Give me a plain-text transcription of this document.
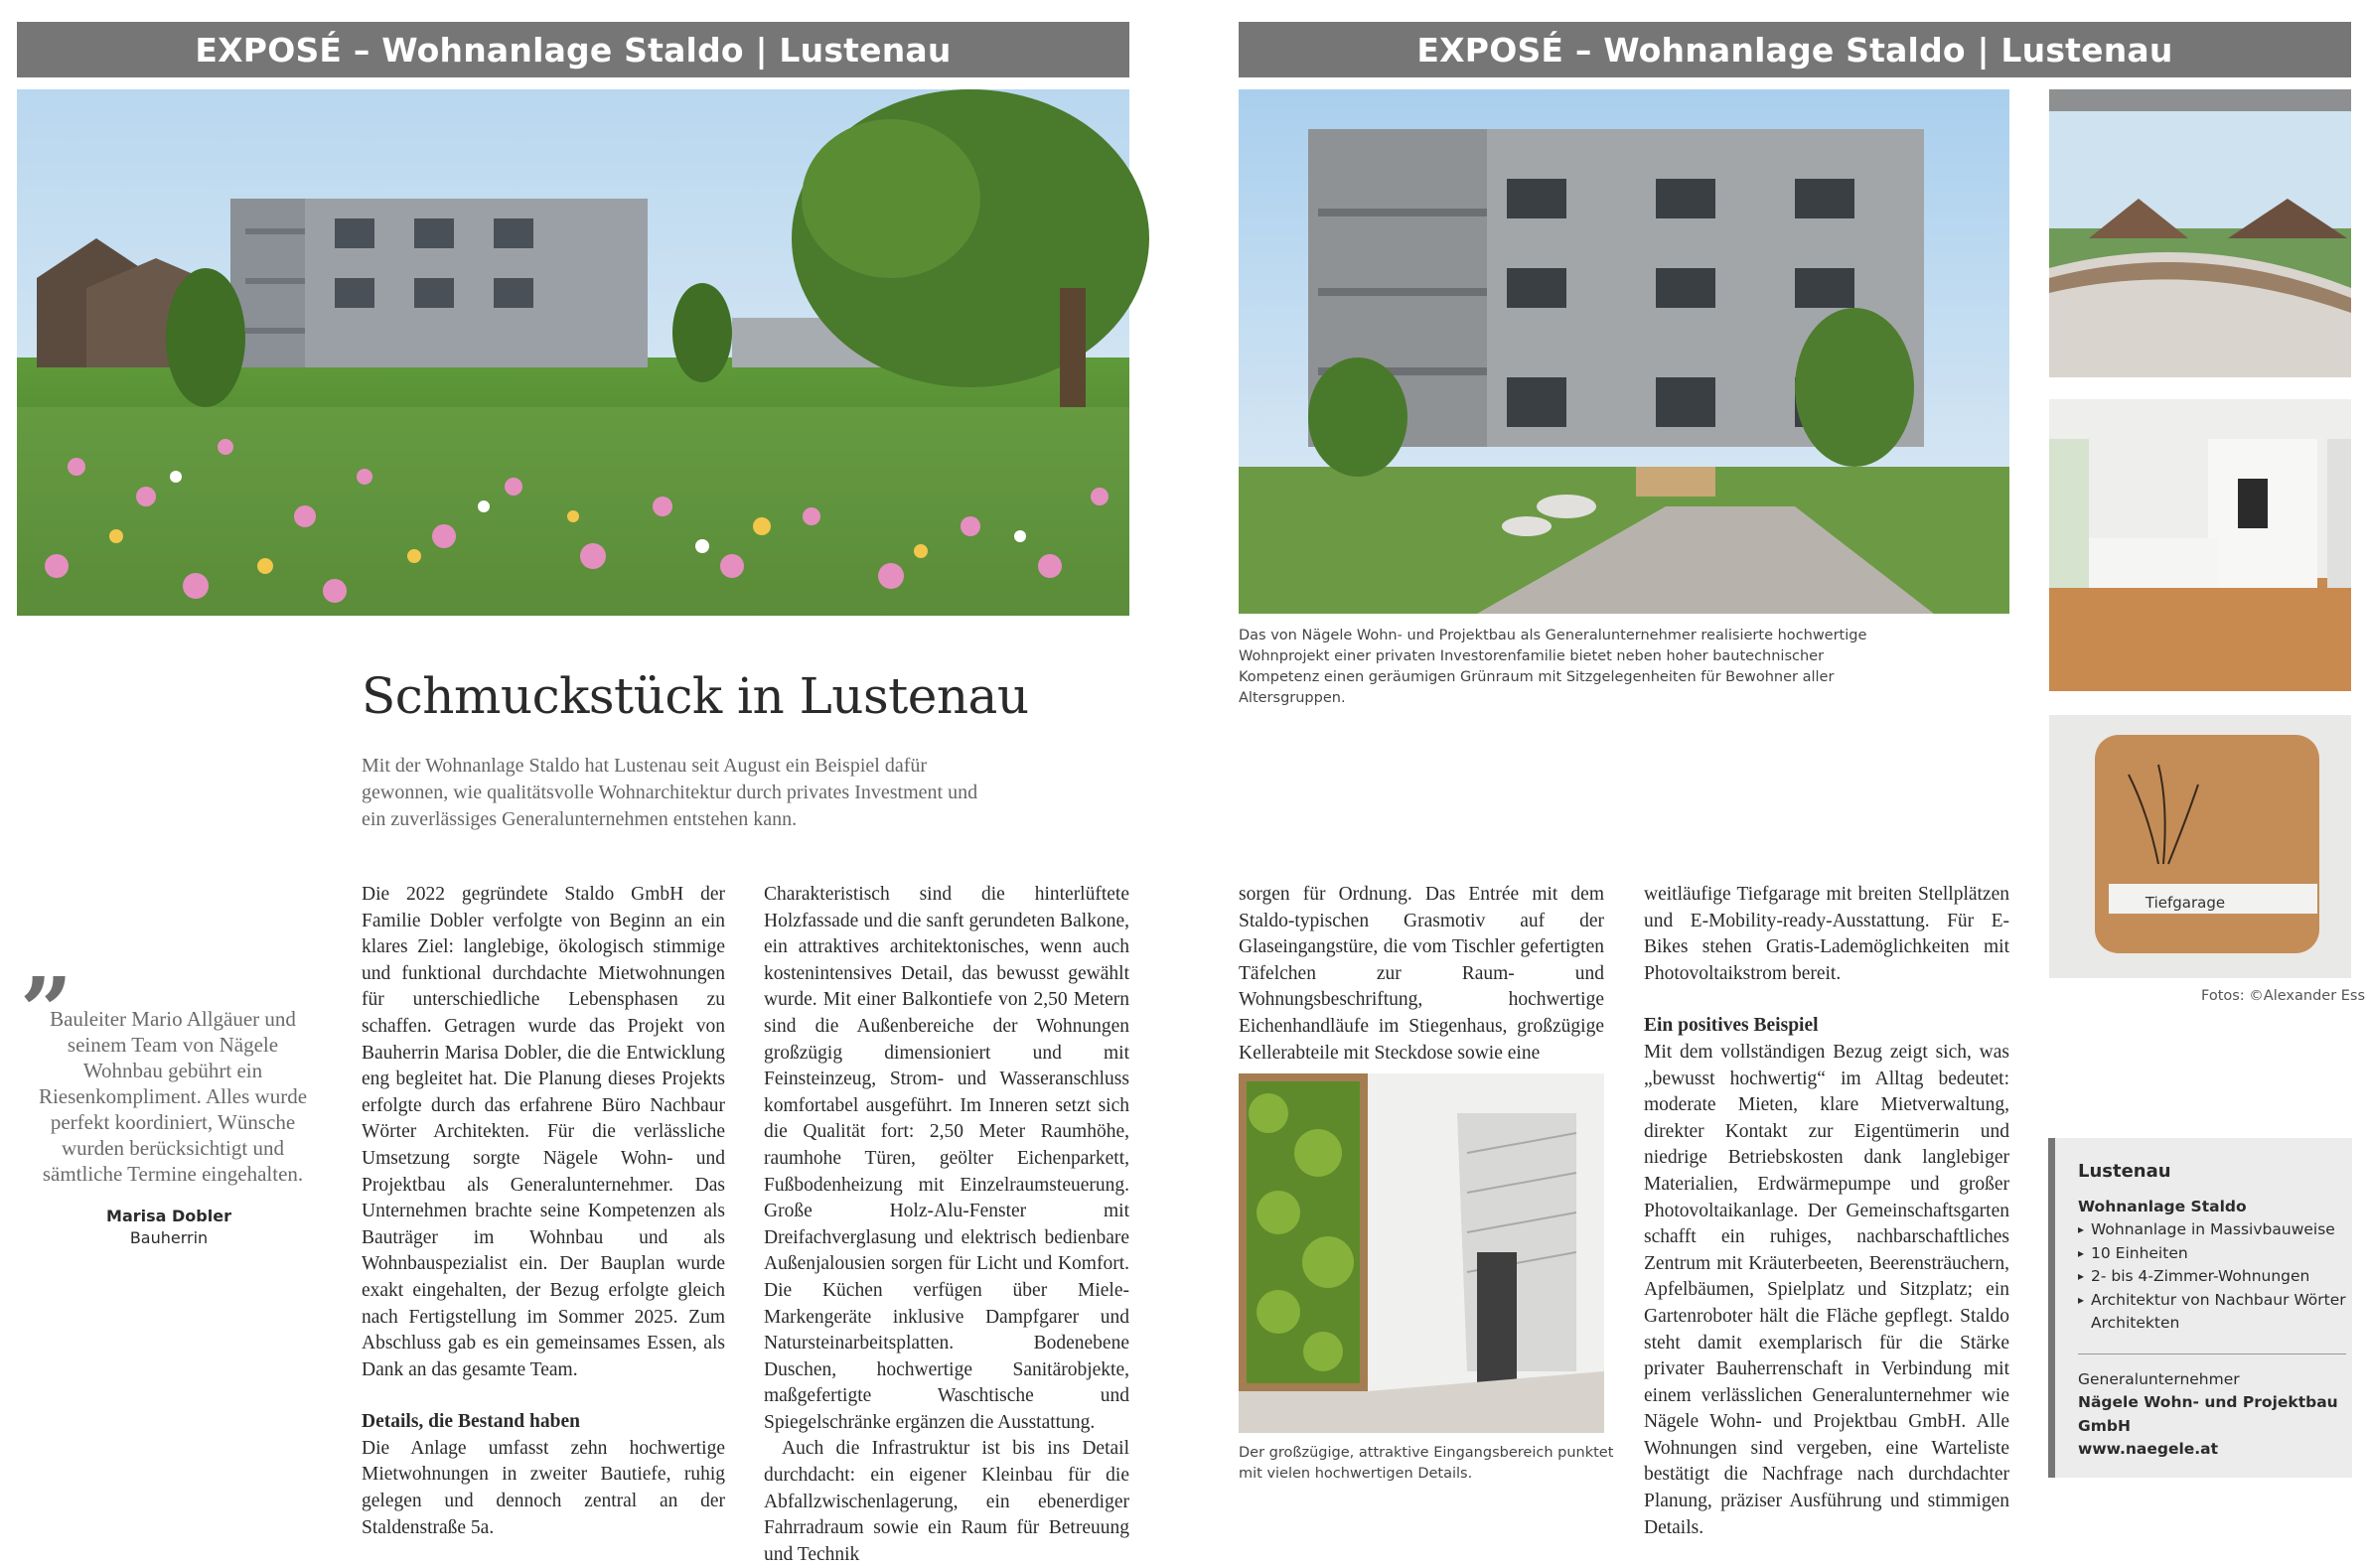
EXPOSÉ – Wohnanlage Staldo | Lustenau	EXPOSÉ – Wohnanlage Staldo | Lustenau
Tiefgarage
Das von Nägele Wohn- und Projektbau als Generalunternehmer realisierte hochwertige Wohnprojekt einer privaten Investorenfamilie bietet neben hoher bautechnischer Kompetenz einen geräumigen Grünraum mit Sitzgelegenheiten für Bewohner aller Altersgruppen.
Der großzügige, attraktive Eingangsbereich punktet mit vielen hochwertigen Details.
Fotos: ©Alexander Ess
Schmuckstück in Lustenau
Mit der Wohnanlage Staldo hat Lustenau seit August ein Beispiel dafür gewonnen, wie qualitätsvolle Wohnarchitektur durch privates Investment und ein zuverlässiges Generalunternehmen entstehen kann.
”
Bauleiter Mario Allgäuer und seinem Team von Nägele Wohnbau gebührt ein Riesenkompliment. Alles wurde perfekt koordiniert, Wünsche wurden berücksichtigt und sämtliche Termine eingehalten.
Marisa Dobler
Bauherrin

Die 2022 gegründete Staldo GmbH der Familie Dobler verfolgte von Beginn an ein klares Ziel: langlebige, ökologisch stimmige und funktional durchdachte Mietwohnungen für unterschiedliche Lebensphasen zu schaffen. Getragen wurde das Projekt von Bauherrin Marisa Dobler, die die Entwicklung eng begleitet hat. Die Planung dieses Projekts erfolgte durch das erfahrene Büro Nachbaur Wörter Architekten. Für die verlässliche Umsetzung sorgte Nägele Wohn- und Projektbau als Generalunternehmer. Das Unternehmen brachte seine Kompetenzen als Bauträger im Wohnbau und als Wohnbauspezialist ein. Der Bauplan wurde exakt eingehalten, der Bezug erfolgte gleich nach Fertigstellung im Sommer 2025. Zum Abschluss gab es ein gemeinsames Essen, als Dank an das gesamte Team.

Details, die Bestand haben

Die Anlage umfasst zehn hochwertige Mietwohnungen in zweiter Bautiefe, ruhig gelegen und dennoch zentral an der Staldenstraße 5a.

Charakteristisch sind die hinterlüftete Holzfassade und die sanft gerundeten Balkone, ein attraktives architektonisches, wenn auch kostenintensives Detail, das bewusst gewählt wurde. Mit einer Balkontiefe von 2,50 Metern sind die Außenbereiche der Wohnungen großzügig dimensioniert und mit Feinsteinzeug, Strom- und Wasseranschluss komfortabel ausgeführt. Im Inneren setzt sich die Qualität fort: 2,50 Meter Raumhöhe, raumhohe Türen, geölter Eichenparkett, Fußbodenheizung mit Einzelraumsteuerung. Große Holz-Alu-Fenster mit Dreifachverglasung und elektrisch bedienbare Außenjalousien sorgen für Licht und Komfort. Die Küchen verfügen über Miele-Markengeräte inklusive Dampfgarer und Natursteinarbeitsplatten. Bodenebene Duschen, hochwertige Sanitärobjekte, maßgefertigte Waschtische und Spiegelschränke ergänzen die Ausstattung.

Auch die Infrastruktur ist bis ins Detail durchdacht: ein eigener Kleinbau für die Abfallzwischenlagerung, ein ebenerdiger Fahrradraum sowie ein Raum für Betreuung und Technik

sorgen für Ordnung. Das Entrée mit dem Staldo-typischen Grasmotiv auf der Glaseingangstüre, die vom Tischler gefertigten Täfelchen zur Raum- und Wohnungsbeschriftung, hochwertige Eichenhandläufe im Stiegenhaus, großzügige Kellerabteile mit Steckdose sowie eine

weitläufige Tiefgarage mit breiten Stellplätzen und E-Mobility-ready-Ausstattung. Für E-Bikes stehen Gratis-Lademöglichkeiten mit Photovoltaikstrom bereit.

Ein positives Beispiel

Mit dem vollständigen Bezug zeigt sich, was „bewusst hochwertig“ im Alltag bedeutet: moderate Mieten, klare Mietverwaltung, direkter Kontakt zur Eigentümerin und niedrige Betriebskosten dank langlebiger Materialien, Erdwärmepumpe und großer Photovoltaikanlage. Der Gemeinschaftsgarten schafft ein ruhiges, nachbarschaftliches Zentrum mit Kräuterbeeten, Beerensträuchern, Apfelbäumen, Spielplatz und Sitzplatz; ein Gartenroboter hält die Fläche gepflegt. Staldo steht damit exemplarisch für die Stärke privater Bauherrenschaft in Verbindung mit einem verlässlichen Generalunternehmer wie Nägele Wohn- und Projektbau GmbH. Alle Wohnungen sind vergeben, eine Warteliste bestätigt die Nachfrage nach durchdachter Planung, präziser Ausführung und stimmigen Details.

Lustenau
Wohnanlage Staldo
▸ Wohnanlage in Massivbauweise
▸ 10 Einheiten
▸ 2- bis 4-Zimmer-Wohnungen
▸ Architektur von Nachbaur Wörter Architekten
Generalunternehmer
Nägele Wohn- und Projektbau GmbH
www.naegele.at
